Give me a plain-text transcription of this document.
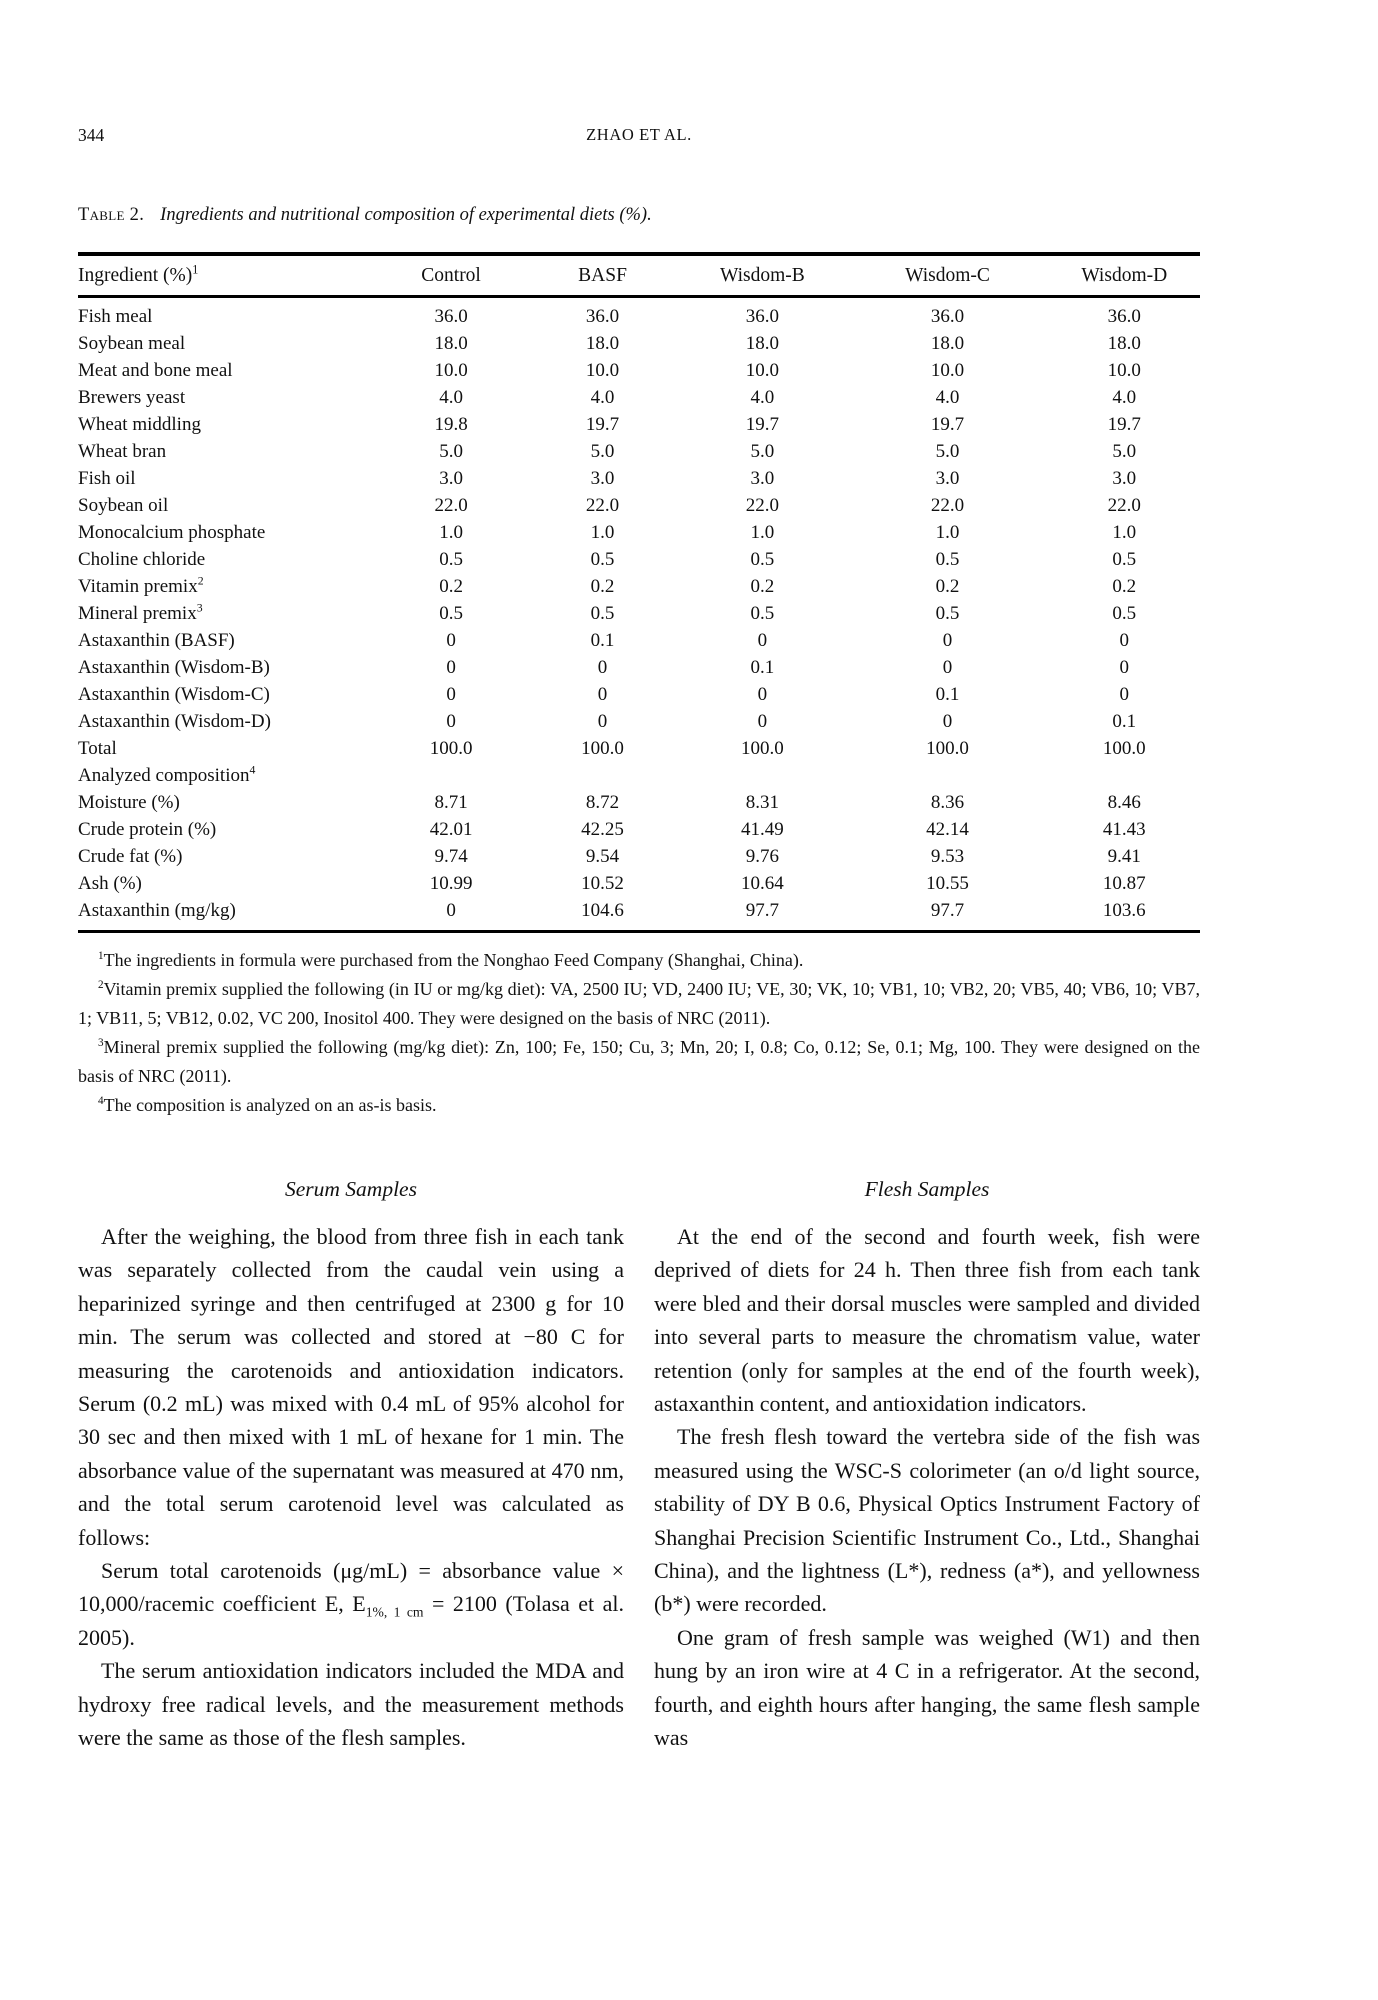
344	ZHAO ET AL.
Table 2. Ingredients and nutritional composition of experimental diets (%).
Ingredient (%)$^1$	Control	BASF	Wisdom-B	Wisdom-C	Wisdom-D
Fish meal	36.0	36.0	36.0	36.0	36.0
Soybean meal	18.0	18.0	18.0	18.0	18.0
Meat and bone meal	10.0	10.0	10.0	10.0	10.0
Brewers yeast	4.0	4.0	4.0	4.0	4.0
Wheat middling	19.8	19.7	19.7	19.7	19.7
Wheat bran	5.0	5.0	5.0	5.0	5.0
Fish oil	3.0	3.0	3.0	3.0	3.0
Soybean oil	22.0	22.0	22.0	22.0	22.0
Monocalcium phosphate	1.0	1.0	1.0	1.0	1.0
Choline chloride	0.5	0.5	0.5	0.5	0.5
Vitamin premix$^2$	0.2	0.2	0.2	0.2	0.2
Mineral premix$^3$	0.5	0.5	0.5	0.5	0.5
Astaxanthin (BASF)	0	0.1	0	0	0
Astaxanthin (Wisdom-B)	0	0	0.1	0	0
Astaxanthin (Wisdom-C)	0	0	0	0.1	0
Astaxanthin (Wisdom-D)	0	0	0	0	0.1
Total	100.0	100.0	100.0	100.0	100.0
Analyzed composition$^4$					
Moisture (%)	8.71	8.72	8.31	8.36	8.46
Crude protein (%)	42.01	42.25	41.49	42.14	41.43
Crude fat (%)	9.74	9.54	9.76	9.53	9.41
Ash (%)	10.99	10.52	10.64	10.55	10.87
Astaxanthin (mg/kg)	0	104.6	97.7	97.7	103.6

$^1$The ingredients in formula were purchased from the Nonghao Feed Company (Shanghai, China).

$^2$Vitamin premix supplied the following (in IU or mg/kg diet): VA, 2500 IU; VD, 2400 IU; VE, 30; VK, 10; VB1, 10; VB2, 20; VB5, 40; VB6, 10; VB7, 1; VB11, 5; VB12, 0.02, VC 200, Inositol 400. They were designed on the basis of NRC (2011).

$^3$Mineral premix supplied the following (mg/kg diet): Zn, 100; Fe, 150; Cu, 3; Mn, 20; I, 0.8; Co, 0.12; Se, 0.1; Mg, 100. They were designed on the basis of NRC (2011).

$^4$The composition is analyzed on an as-is basis.

Serum Samples

After the weighing, the blood from three fish in each tank was separately collected from the caudal vein using a heparinized syringe and then centrifuged at 2300 g for 10 min. The serum was collected and stored at −80 C for measuring the carotenoids and antioxidation indicators. Serum (0.2 mL) was mixed with 0.4 mL of 95% alcohol for 30 sec and then mixed with 1 mL of hexane for 1 min. The absorbance value of the supernatant was measured at 470 nm, and the total serum carotenoid level was calculated as follows:

Serum total carotenoids (μg/mL) = absorbance value × 10,000/racemic coefficient E, $E_{1\%, 1 cm} = 2100$ (Tolasa et al. 2005).

The serum antioxidation indicators included the MDA and hydroxy free radical levels, and the measurement methods were the same as those of the flesh samples.

Flesh Samples

At the end of the second and fourth week, fish were deprived of diets for 24 h. Then three fish from each tank were bled and their dorsal muscles were sampled and divided into several parts to measure the chromatism value, water retention (only for samples at the end of the fourth week), astaxanthin content, and antioxidation indicators.

The fresh flesh toward the vertebra side of the fish was measured using the WSC-S colorimeter (an o/d light source, stability of DY B 0.6, Physical Optics Instrument Factory of Shanghai Precision Scientific Instrument Co., Ltd., Shanghai China), and the lightness (L*), redness (a*), and yellowness (b*) were recorded.

One gram of fresh sample was weighed (W1) and then hung by an iron wire at 4 C in a refrigerator. At the second, fourth, and eighth hours after hanging, the same flesh sample was
